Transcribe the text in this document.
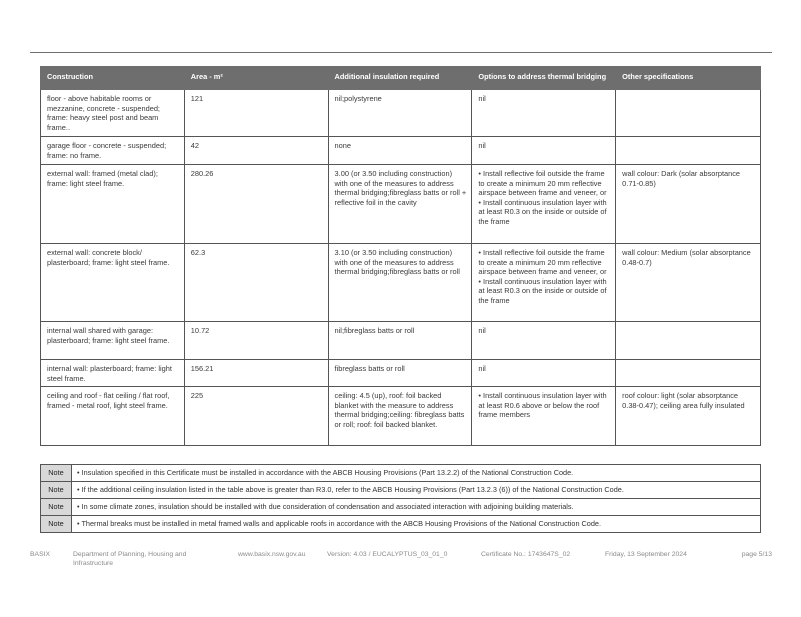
Construction	Area - m²	Additional insulation required	Options to address thermal bridging	Other specifications
floor - above habitable rooms or mezzanine, concrete - suspended; frame: heavy steel post and beam frame..	121	nil;polystyrene	nil	
garage floor - concrete - suspended; frame: no frame.	42	none	nil	
external wall: framed (metal clad); frame: light steel frame.	280.26	3.00 (or 3.50 including construction) with one of the measures to address thermal bridging;fibreglass batts or roll + reflective foil in the cavity	• Install reflective foil outside the frame to create a minimum 20 mm reflective airspace between frame and veneer, or • Install continuous insulation layer with at least R0.3 on the inside or outside of the frame	wall colour: Dark (solar absorptance 0.71-0.85)
external wall: concrete block/ plasterboard; frame: light steel frame.	62.3	3.10 (or 3.50 including construction) with one of the measures to address thermal bridging;fibreglass batts or roll	• Install reflective foil outside the frame to create a minimum 20 mm reflective airspace between frame and veneer, or • Install continuous insulation layer with at least R0.3 on the inside or outside of the frame	wall colour: Medium (solar absorptance 0.48-0.7)
internal wall shared with garage: plasterboard; frame: light steel frame.	10.72	nil;fibreglass batts or roll	nil	
internal wall: plasterboard; frame: light steel frame.	156.21	fibreglass batts or roll	nil	
ceiling and roof - flat ceiling / flat roof, framed - metal roof, light steel frame.	225	ceiling: 4.5 (up), roof: foil backed blanket with the measure to address thermal bridging;ceiling: fibreglass batts or roll; roof: foil backed blanket.	• Install continuous insulation layer with at least R0.6 above or below the roof frame members	roof colour: light (solar absorptance 0.38-0.47); ceiling area fully insulated
Note	• Insulation specified in this Certificate must be installed in accordance with the ABCB Housing Provisions (Part 13.2.2) of the National Construction Code.
Note	• If the additional ceiling insulation listed in the table above is greater than R3.0, refer to the ABCB Housing Provisions (Part 13.2.3 (6)) of the National Construction Code.
Note	• In some climate zones, insulation should be installed with due consideration of condensation and associated interaction with adjoining building materials.
Note	• Thermal breaks must be installed in metal framed walls and applicable roofs in accordance with the ABCB Housing Provisions of the National Construction Code.
BASIX	Department of Planning, Housing and Infrastructure
www.basix.nsw.gov.au	Version: 4.03 / EUCALYPTUS_03_01_0	Certificate No.: 1743647S_02	Friday, 13 September 2024	page 5/13
